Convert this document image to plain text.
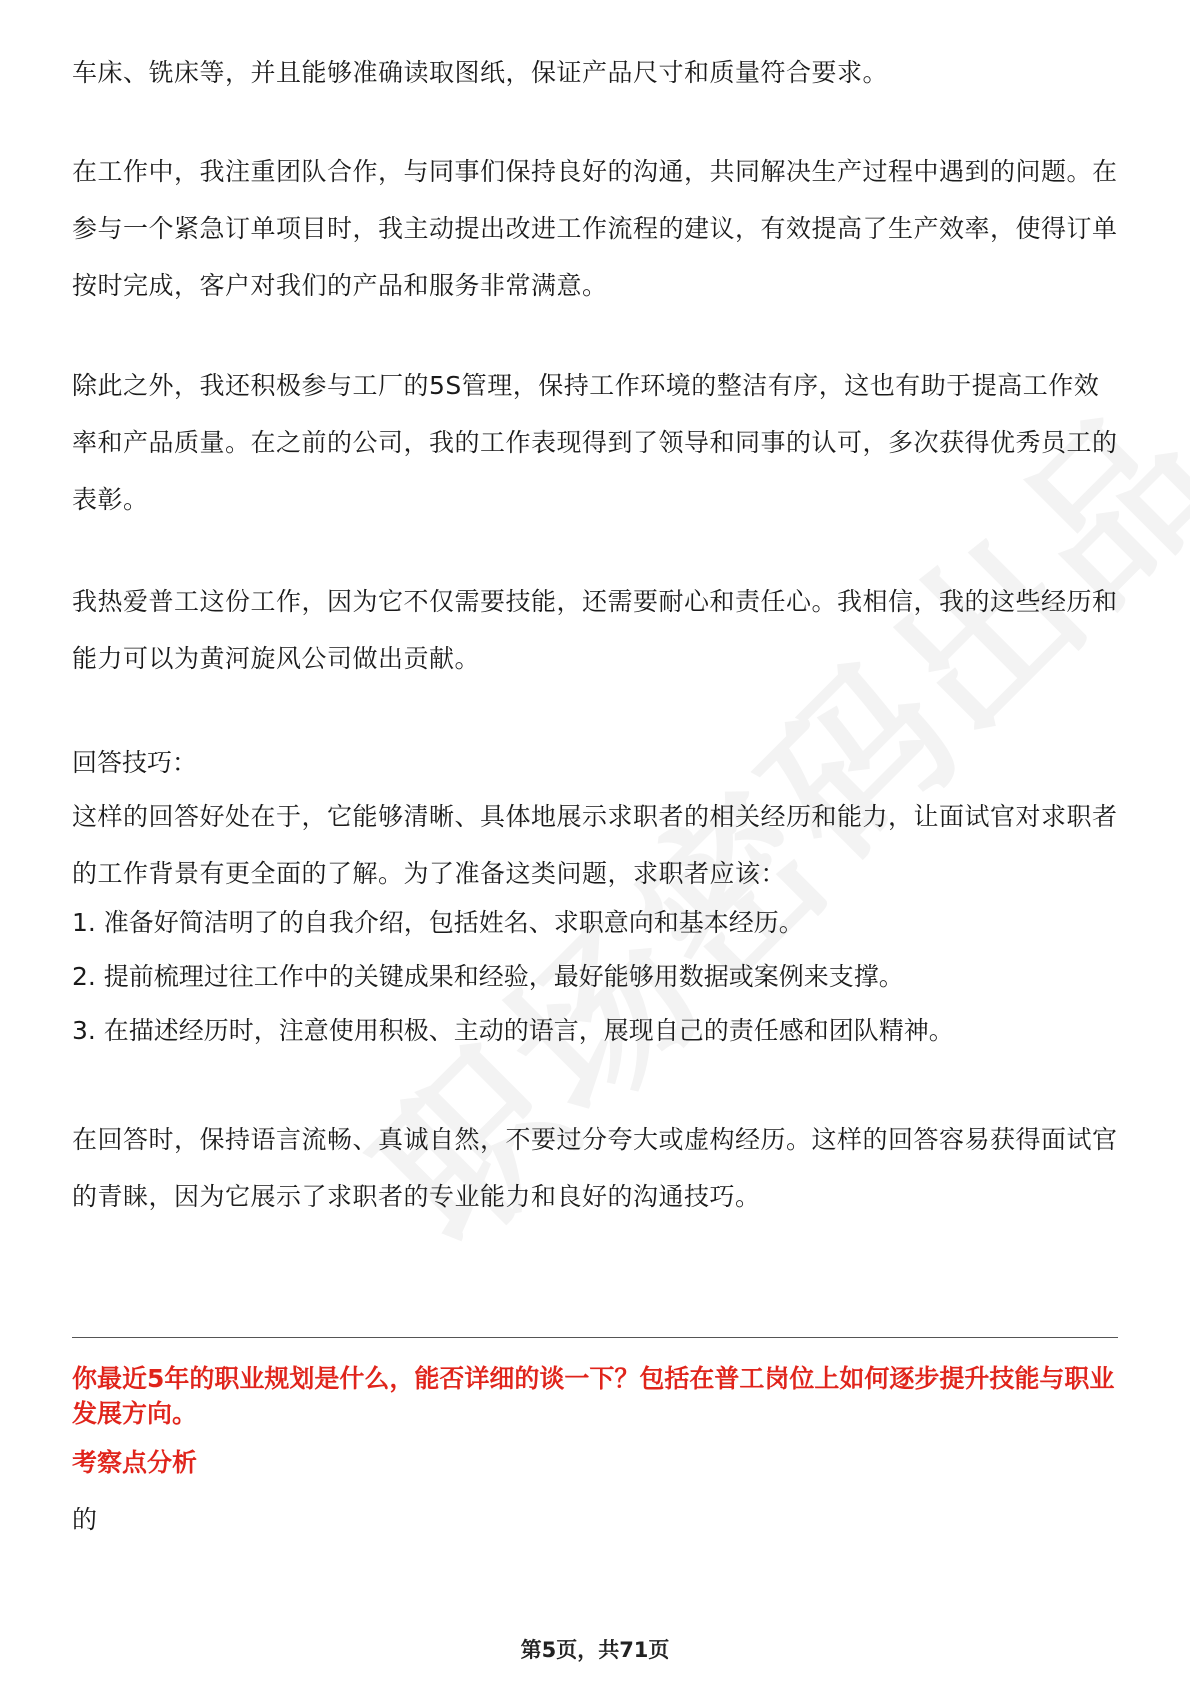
车床、铣床等，并且能够准确读取图纸，保证产品尺寸和质量符合要求。

在工作中，我注重团队合作，与同事们保持良好的沟通，共同解决生产过程中遇到的问题。在参与一个紧急订单项目时，我主动提出改进工作流程的建议，有效提高了生产效率，使得订单按时完成，客户对我们的产品和服务非常满意。

除此之外，我还积极参与工厂的5S管理，保持工作环境的整洁有序，这也有助于提高工作效率和产品质量。在之前的公司，我的工作表现得到了领导和同事的认可，多次获得优秀员工的表彰。

我热爱普工这份工作，因为它不仅需要技能，还需要耐心和责任心。我相信，我的这些经历和能力可以为黄河旋风公司做出贡献。

回答技巧：

这样的回答好处在于，它能够清晰、具体地展示求职者的相关经历和能力，让面试官对求职者的工作背景有更全面的了解。为了准备这类问题，求职者应该：

1. 准备好简洁明了的自我介绍，包括姓名、求职意向和基本经历。

2. 提前梳理过往工作中的关键成果和经验，最好能够用数据或案例来支撑。

3. 在描述经历时，注意使用积极、主动的语言，展现自己的责任感和团队精神。

在回答时，保持语言流畅、真诚自然，不要过分夸大或虚构经历。这样的回答容易获得面试官的青睐，因为它展示了求职者的专业能力和良好的沟通技巧。

你最近5年的职业规划是什么，能否详细的谈一下？包括在普工岗位上如何逐步提升技能与职业发展方向。

考察点分析

的

第5页，共71页
